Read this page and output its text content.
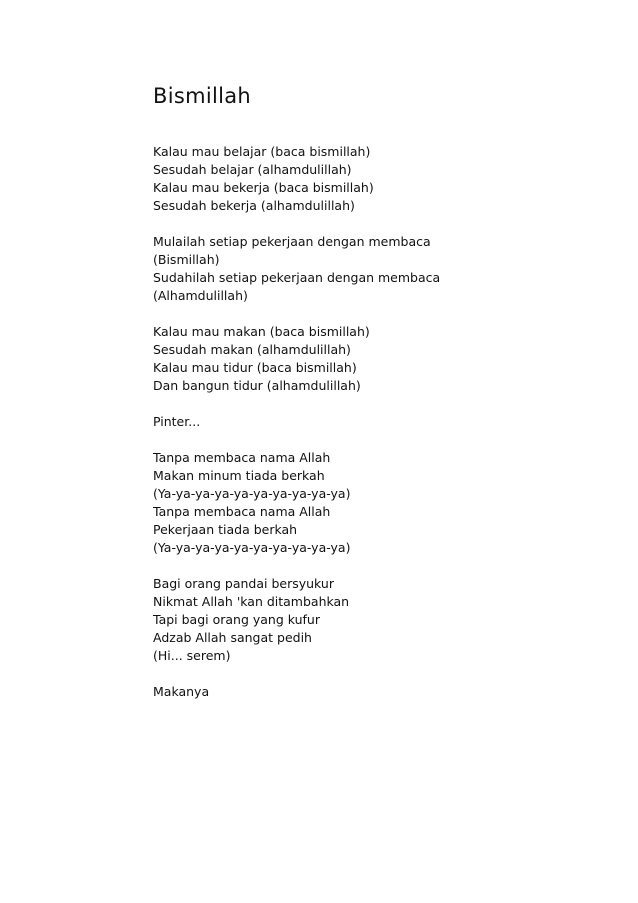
Bismillah
Kalau mau belajar (baca bismillah)
Sesudah belajar (alhamdulillah)
Kalau mau bekerja (baca bismillah)
Sesudah bekerja (alhamdulillah)
Mulailah setiap pekerjaan dengan membaca
(Bismillah)
Sudahilah setiap pekerjaan dengan membaca
(Alhamdulillah)
Kalau mau makan (baca bismillah)
Sesudah makan (alhamdulillah)
Kalau mau tidur (baca bismillah)
Dan bangun tidur (alhamdulillah)
Pinter...
Tanpa membaca nama Allah
Makan minum tiada berkah
(Ya-ya-ya-ya-ya-ya-ya-ya-ya-ya)
Tanpa membaca nama Allah
Pekerjaan tiada berkah
(Ya-ya-ya-ya-ya-ya-ya-ya-ya-ya)
Bagi orang pandai bersyukur
Nikmat Allah 'kan ditambahkan
Tapi bagi orang yang kufur
Adzab Allah sangat pedih
(Hi... serem)
Makanya
